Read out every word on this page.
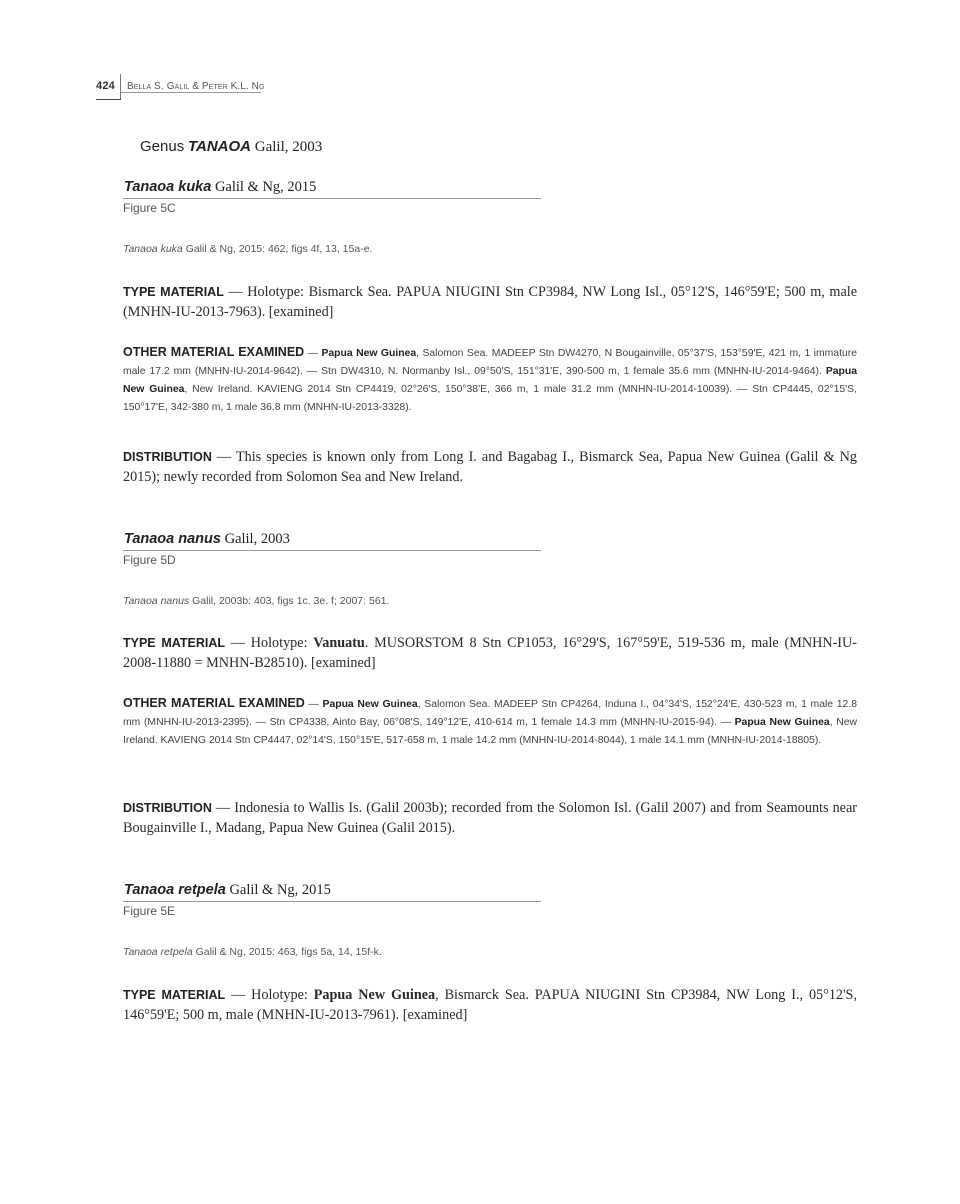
424 Bella S. Galil & Peter K.L. Ng
Genus TANAOA Galil, 2003
Tanaoa kuka Galil & Ng, 2015
Figure 5C
Tanaoa kuka Galil & Ng, 2015: 462, figs 4f, 13, 15a-e.
TYPE MATERIAL — Holotype: Bismarck Sea. PAPUA NIUGINI Stn CP3984, NW Long Isl., 05°12'S, 146°59'E; 500 m, male (MNHN-IU-2013-7963). [examined]
OTHER MATERIAL EXAMINED — Papua New Guinea, Salomon Sea. MADEEP Stn DW4270, N Bougainville, 05°37'S, 153°59'E, 421 m, 1 immature male 17.2 mm (MNHN-IU-2014-9642). — Stn DW4310, N. Normanby Isl., 09°50'S, 151°31'E, 390-500 m, 1 female 35.6 mm (MNHN-IU-2014-9464). Papua New Guinea, New Ireland. KAVIENG 2014 Stn CP4419, 02°26'S, 150°38'E, 366 m, 1 male 31.2 mm (MNHN-IU-2014-10039). — Stn CP4445, 02°15'S, 150°17'E, 342-380 m, 1 male 36.8 mm (MNHN-IU-2013-3328).
DISTRIBUTION — This species is known only from Long I. and Bagabag I., Bismarck Sea, Papua New Guinea (Galil & Ng 2015); newly recorded from Solomon Sea and New Ireland.
Tanaoa nanus Galil, 2003
Figure 5D
Tanaoa nanus Galil, 2003b: 403, figs 1c. 3e. f; 2007: 561.
TYPE MATERIAL — Holotype: Vanuatu. MUSORSTOM 8 Stn CP1053, 16°29'S, 167°59'E, 519-536 m, male (MNHN-IU-2008-11880 = MNHN-B28510). [examined]
OTHER MATERIAL EXAMINED — Papua New Guinea, Salomon Sea. MADEEP Stn CP4264, Induna I., 04°34'S, 152°24'E, 430-523 m, 1 male 12.8 mm (MNHN-IU-2013-2395). — Stn CP4338, Ainto Bay, 06°08'S, 149°12'E, 410-614 m, 1 female 14.3 mm (MNHN-IU-2015-94). — Papua New Guinea, New Ireland. KAVIENG 2014 Stn CP4447, 02°14'S, 150°15'E, 517-658 m, 1 male 14.2 mm (MNHN-IU-2014-8044), 1 male 14.1 mm (MNHN-IU-2014-18805).
DISTRIBUTION — Indonesia to Wallis Is. (Galil 2003b); recorded from the Solomon Isl. (Galil 2007) and from Seamounts near Bougainville I., Madang, Papua New Guinea (Galil 2015).
Tanaoa retpela Galil & Ng, 2015
Figure 5E
Tanaoa retpela Galil & Ng, 2015: 463, figs 5a, 14, 15f-k.
TYPE MATERIAL — Holotype: Papua New Guinea, Bismarck Sea. PAPUA NIUGINI Stn CP3984, NW Long I., 05°12'S, 146°59'E; 500 m, male (MNHN-IU-2013-7961). [examined]
